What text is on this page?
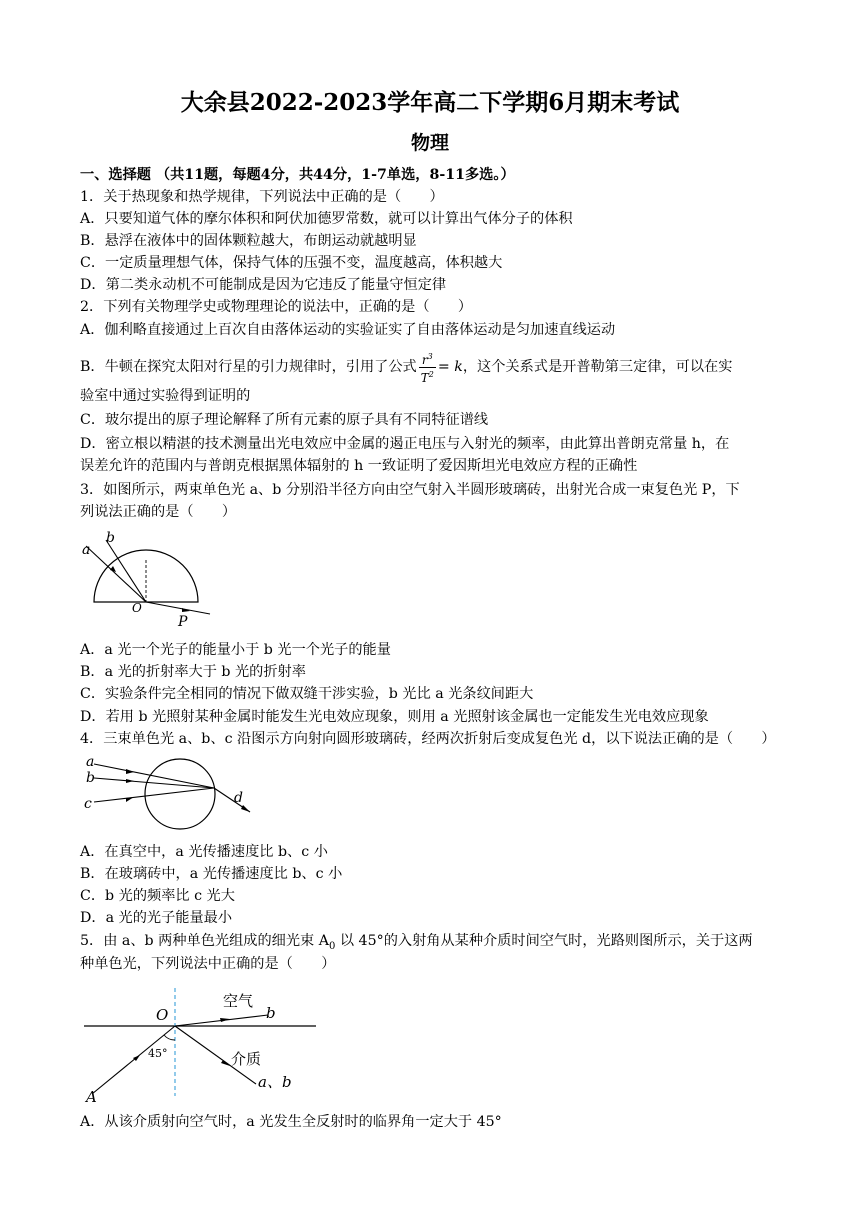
大余县2022-2023学年高二下学期6月期末考试
物理
一、选择题 （共11题，每题4分，共44分，1-7单选，8-11多选。）
1．关于热现象和热学规律，下列说法中正确的是（　　）
A．只要知道气体的摩尔体积和阿伏加德罗常数，就可以计算出气体分子的体积
B．悬浮在液体中的固体颗粒越大，布朗运动就越明显
C．一定质量理想气体，保持气体的压强不变，温度越高，体积越大
D．第二类永动机不可能制成是因为它违反了能量守恒定律
2．下列有关物理学史或物理理论的说法中，正确的是（　　）
A．伽利略直接通过上百次自由落体运动的实验证实了自由落体运动是匀加速直线运动
B．牛顿在探究太阳对行星的引力规律时，引用了公式 $\frac{r^3}{T^2} = k$，这个关系式是开普勒第三定律，可以在实
验室中通过实验得到证明的
C．玻尔提出的原子理论解释了所有元素的原子具有不同特征谱线
D．密立根以精湛的技术测量出光电效应中金属的遏正电压与入射光的频率，由此算出普朗克常量 h，在
误差允许的范围内与普朗克根据黑体辐射的 h 一致证明了爱因斯坦光电效应方程的正确性
3．如图所示，两束单色光 a、b 分别沿半径方向由空气射入半圆形玻璃砖，出射光合成一束复色光 P，下
列说法正确的是（　　）
a
b
O
P
A．a 光一个光子的能量小于 b 光一个光子的能量
B．a 光的折射率大于 b 光的折射率
C．实验条件完全相同的情况下做双缝干涉实验，b 光比 a 光条纹间距大
D．若用 b 光照射某种金属时能发生光电效应现象，则用 a 光照射该金属也一定能发生光电效应现象
4．三束单色光 a、b、c 沿图示方向射向圆形玻璃砖，经两次折射后变成复色光 d，以下说法正确的是（　　）
a
b
c	d
A．在真空中，a 光传播速度比 b、c 小
B．在玻璃砖中，a 光传播速度比 b、c 小
C．b 光的频率比 c 光大
D．a 光的光子能量最小
5．由 a、b 两种单色光组成的细光束 $A_0$ 以 45°的入射角从某种介质时间空气时，光路则图所示，关于这两
种单色光，下列说法中正确的是（　　）
O
空气
b
介质
a、b
45°
A
A．从该介质射向空气时，a 光发生全反射时的临界角一定大于 45°
